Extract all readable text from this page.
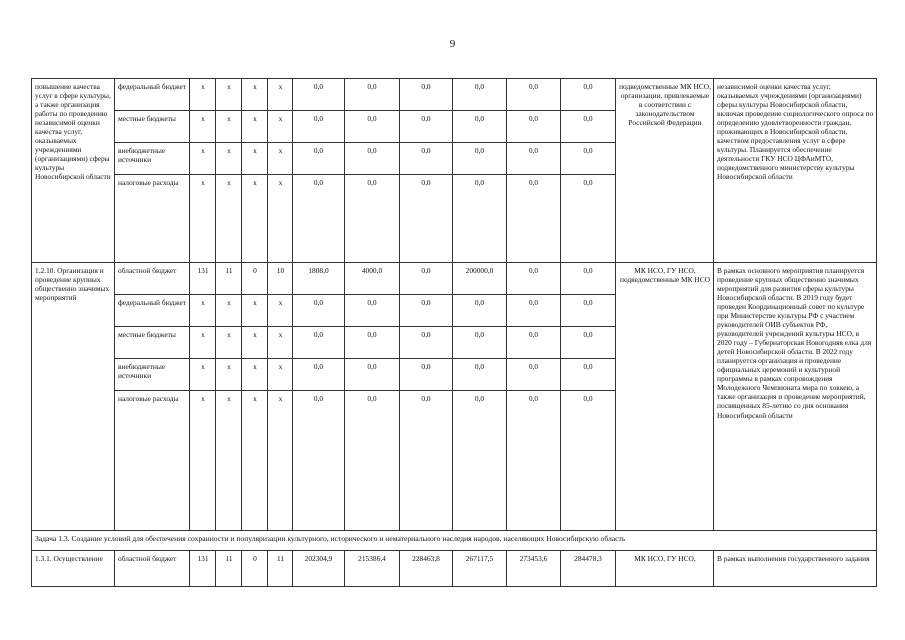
9
повышение качества услуг в сфере культуры, а также организация работы по проведению независимой оценки качества услуг, оказываемых учреждениями (организациями) сферы культуры Новосибирской области	федеральный бюджет	x	x	x	x	0,0	0,0	0,0	0,0	0,0	0,0	подведомственные МК НСО, организации, привлекаемые в соответствии с законодательством Российской Федерации	независимой оценки качества услуг, оказываемых учреждениями (организациями) сферы культуры Новосибирской области, включая проведение социологического опроса по определению удовлетворенности граждан, проживающих в Новосибирской области, качеством предоставления услуг в сфере культуры. Планируется обеспечение деятельности ГКУ НСО ЦФАиМТО, подведомственного министерству культуры Новосибирской области
	местные бюджеты	x	x	x	x	0,0	0,0	0,0	0,0	0,0	0,0		
	внебюджетные источники	x	x	x	x	0,0	0,0	0,0	0,0	0,0	0,0		
	налоговые расходы	x	x	x	x	0,0	0,0	0,0	0,0	0,0	0,0		
1.2.10. Организация и проведение крупных общественно значимых мероприятий	областной бюджет	131	11	0	10	1808,0	4000,0	0,0	200000,0	0,0	0,0	МК НСО, ГУ НСО, подведомственные МК НСО	В рамках основного мероприятия планируется проведение крупных общественно значимых мероприятий для развития сферы культуры Новосибирской области. В 2019 году будет проведен Координационный совет по культуре при Министерстве культуры РФ с участием руководителей ОИВ субъектов РФ, руководителей учреждений культуры НСО, в 2020 году – Губернаторская Новогодняя елка для детей Новосибирской области. В 2022 году планируется организация и проведение официальных церемоний и культурной программы в рамках сопровождения Молодежного Чемпионата мира по хоккею, а также организация и проведение мероприятий, посвященных 85-летию со дня основания Новосибирской области
	федеральный бюджет	x	x	x	x	0,0	0,0	0,0	0,0	0,0	0,0		
	местные бюджеты	x	x	x	x	0,0	0,0	0,0	0,0	0,0	0,0		
	внебюджетные источники	x	x	x	x	0,0	0,0	0,0	0,0	0,0	0,0		
	налоговые расходы	x	x	x	x	0,0	0,0	0,0	0,0	0,0	0,0		
Задача 1.3. Создание условий для обеспечения сохранности и популяризации культурного, исторического и нематериального наследия народов, населяющих Новосибирскую область													
1.3.1. Осуществление	областной бюджет	131	11	0	11	202304,9	215386,4	228463,8	267117,5	273453,6	284478,3	МК НСО, ГУ НСО,	В рамках выполнения государственного задания
